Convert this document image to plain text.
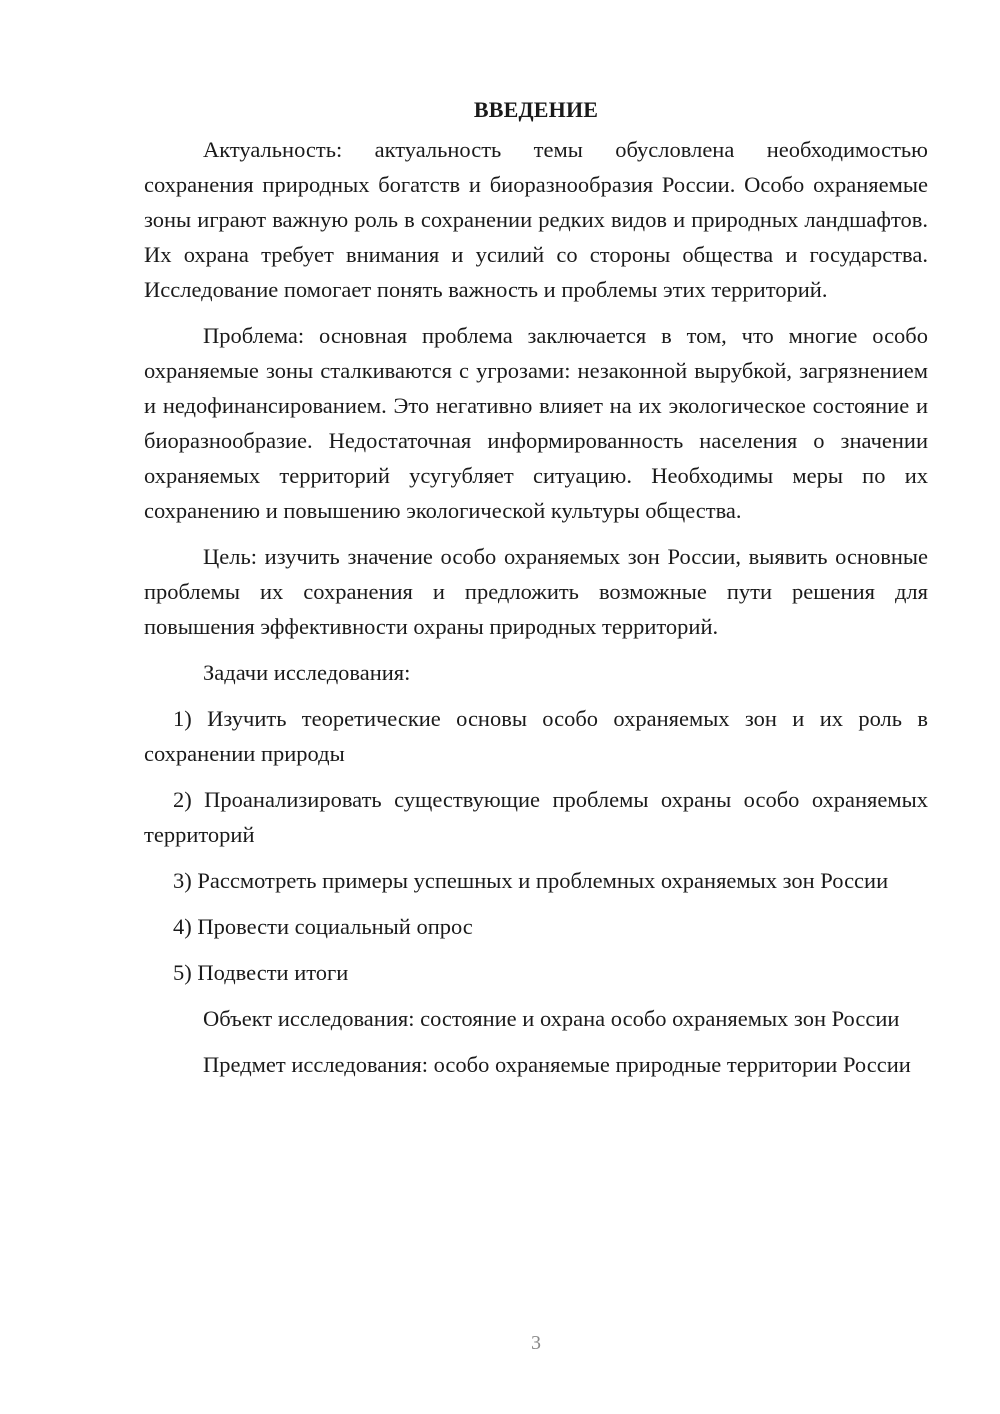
ВВЕДЕНИЕ

Актуальность: актуальность темы обусловлена необходимостью сохранения природных богатств и биоразнообразия России. Особо охраняемые зоны играют важную роль в сохранении редких видов и природных ландшафтов. Их охрана требует внимания и усилий со стороны общества и государства. Исследование помогает понять важность и проблемы этих территорий.

Проблема: основная проблема заключается в том, что многие особо охраняемые зоны сталкиваются с угрозами: незаконной вырубкой, загрязнением и недофинансированием. Это негативно влияет на их экологическое состояние и биоразнообразие. Недостаточная информированность населения о значении охраняемых территорий усугубляет ситуацию. Необходимы меры по их сохранению и повышению экологической культуры общества.

Цель: изучить значение особо охраняемых зон России, выявить основные проблемы их сохранения и предложить возможные пути решения для повышения эффективности охраны природных территорий.

Задачи исследования:

1) Изучить теоретические основы особо охраняемых зон и их роль в сохранении природы

2) Проанализировать существующие проблемы охраны особо охраняемых территорий

3) Рассмотреть примеры успешных и проблемных охраняемых зон России

4) Провести социальный опрос

5) Подвести итоги

Объект исследования: состояние и охрана особо охраняемых зон России

Предмет исследования: особо охраняемые природные территории России

3
